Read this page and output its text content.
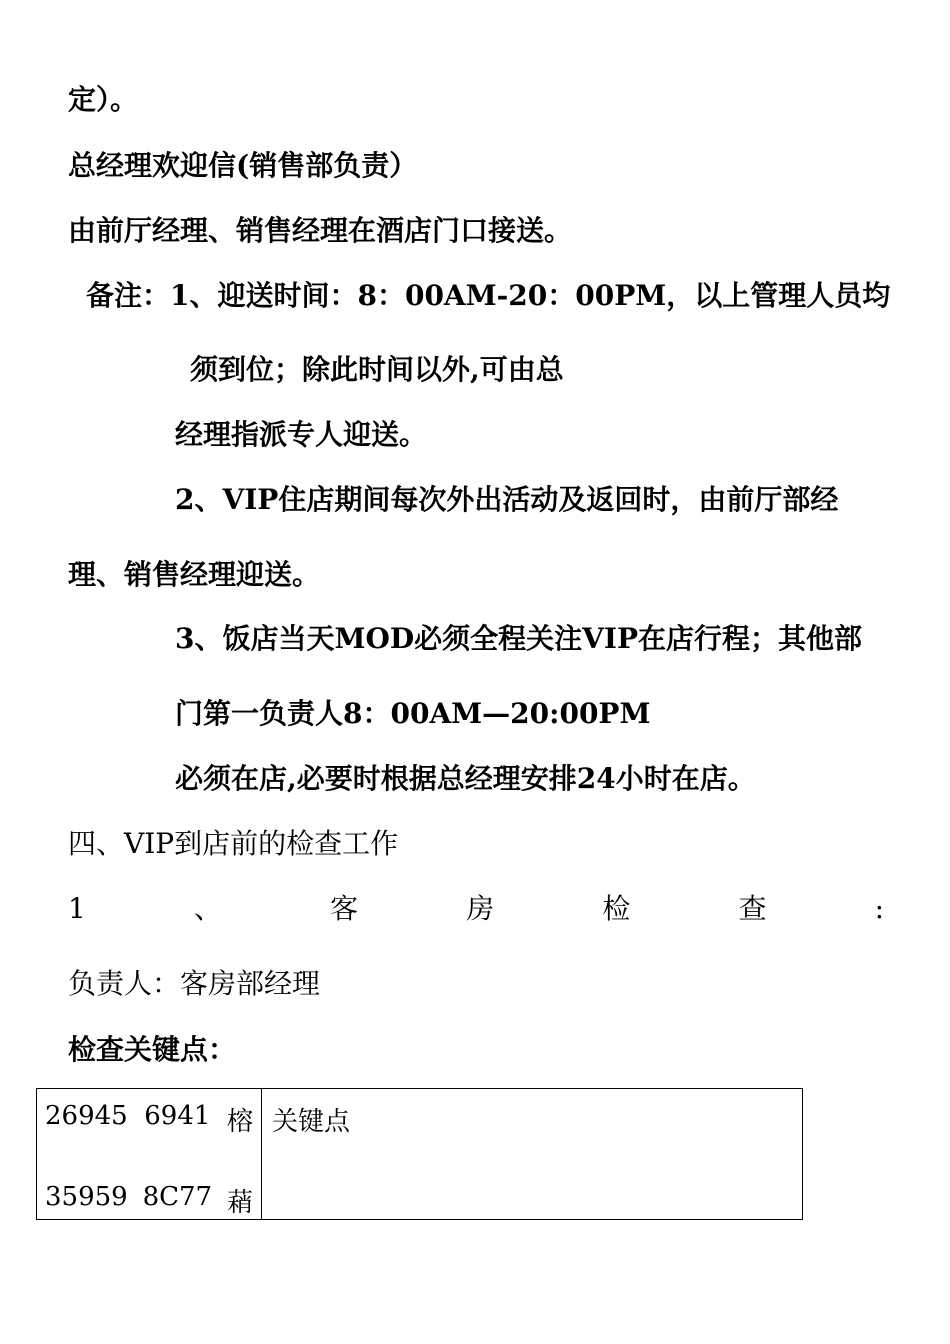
定）。
总经理欢迎信(销售部负责）
由前厅经理、销售经理在酒店门口接送。
备注：1、迎送时间：8：00AM-20：00PM，以上管理人员均
须到位；除此时间以外,可由总
经理指派专人迎送。
2、VIP住店期间每次外出活动及返回时，由前厅部经
理、销售经理迎送。
3、饭店当天MOD必须全程关注VIP在店行程；其他部
门第一负责人8：00AM—20:00PM
必须在店,必要时根据总经理安排24小时在店。
四、VIP到店前的检查工作
1	、	客	房	检	查	:
负责人：客房部经理
检查关键点：
26945 6941 榕
35959 8C77 蕱

关键点
